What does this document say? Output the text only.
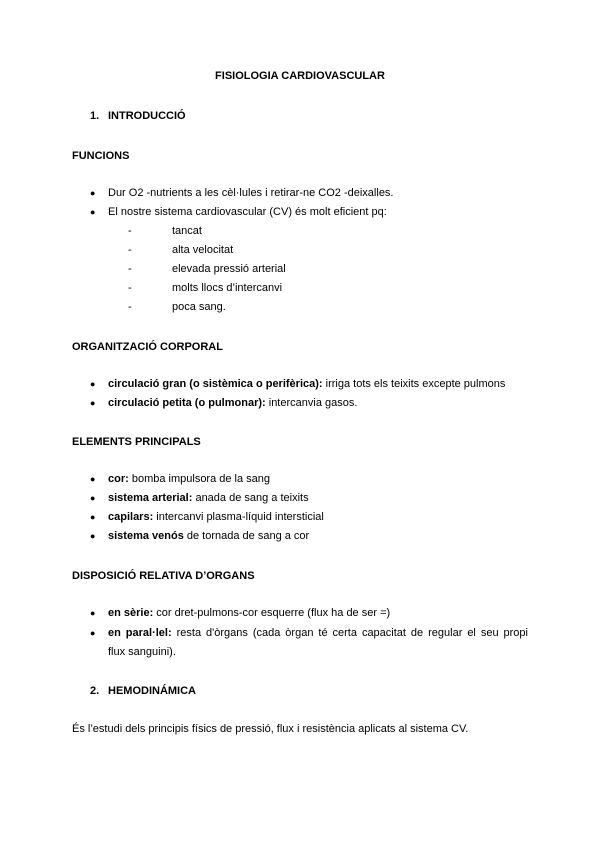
FISIOLOGIA CARDIOVASCULAR
1. INTRODUCCIÓ
FUNCIONS
● Dur O2 -nutrients a les cèl·lules i retirar-ne CO2 -deixalles.
● El nostre sistema cardiovascular (CV) és molt eficient pq:
-	tancat
-	alta velocitat
-	elevada pressió arterial
-	molts llocs d’intercanvi
-	poca sang.
ORGANITZACIÓ CORPORAL
● circulació gran (o sistèmica o perifèrica): irriga tots els teixits excepte pulmons
● circulació petita (o pulmonar): intercanvia gasos.
ELEMENTS PRINCIPALS
● cor: bomba impulsora de la sang
● sistema arterial: anada de sang a teixits
● capilars: intercanvi plasma-líquid intersticial
● sistema venós de tornada de sang a cor
DISPOSICIÓ RELATIVA D’ORGANS
● en sèrie: cor dret-pulmons-cor esquerre (flux ha de ser =)
● en paral·lel: resta d'òrgans (cada òrgan té certa capacitat de regular el seu propi
flux sanguini).
2. HEMODINÁMICA
És l’estudi dels principis físics de pressió, flux i resistència aplicats al sistema CV.
